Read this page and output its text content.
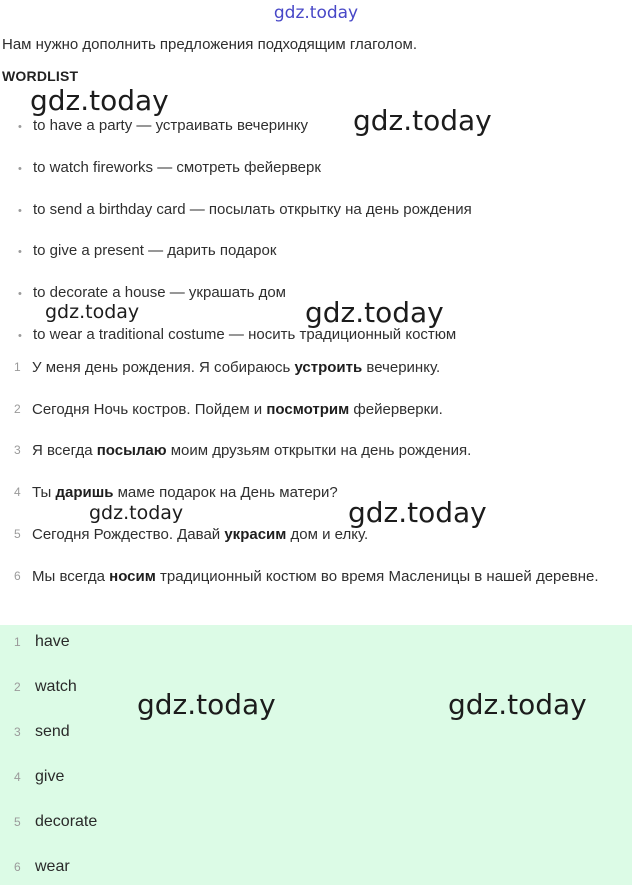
gdz.today
Нам нужно дополнить предложения подходящим глаголом.
WORDLIST
• to have a party — устраивать вечеринку
• to watch fireworks — смотреть фейерверк
• to send a birthday card — посылать открытку на день рождения
• to give a present — дарить подарок
• to decorate a house — украшать дом
• to wear a traditional costume — носить традиционный костюм
1 У меня день рождения. Я собираюсь устроить вечеринку.
2 Сегодня Ночь костров. Пойдем и посмотрим фейерверки.
3 Я всегда посылаю моим друзьям открытки на день рождения.
4 Ты даришь маме подарок на День матери?
5 Сегодня Рождество. Давай украсим дом и елку.
6 Мы всегда носим традиционный костюм во время Масленицы в нашей деревне.
1 have
2 watch
3 send
4 give
5 decorate
6 wear
gdz.today
gdz.today
gdz.today	gdz.today
gdz.today	gdz.today
gdz.today	gdz.today
